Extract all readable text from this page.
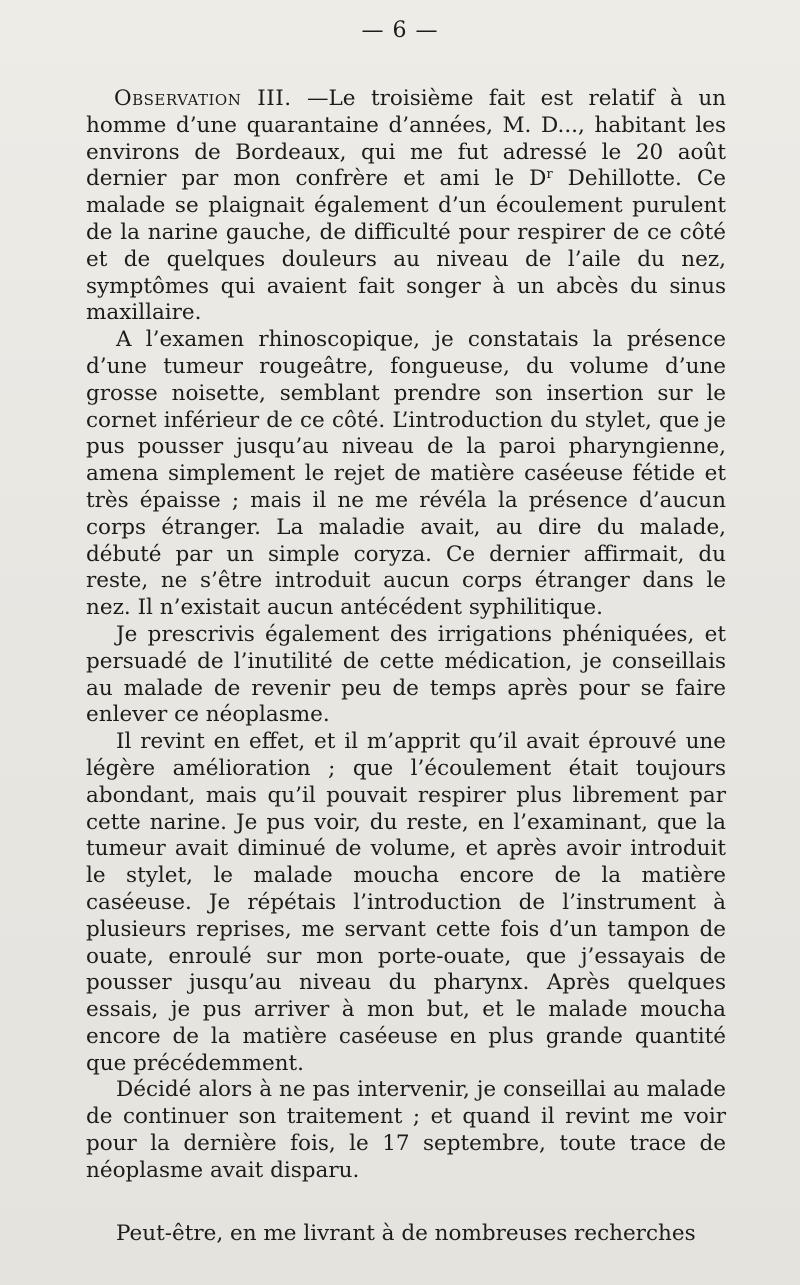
— 6 —

Observation III. —Le troisième fait est relatif à un homme d’une quarantaine d’années, M. D..., habitant les environs de Bordeaux, qui me fut adressé le 20 août dernier par mon confrère et ami le $D^r$ Dehillotte. Ce malade se plaignait également d’un écoulement purulent de la narine gauche, de difficulté pour respirer de ce côté et de quelques douleurs au niveau de l’aile du nez, symptômes qui avaient fait songer à un abcès du sinus maxillaire.

A l’examen rhinoscopique, je constatais la présence d’une tumeur rougeâtre, fongueuse, du volume d’une grosse noisette, semblant prendre son insertion sur le cornet inférieur de ce côté. L’introduction du stylet, que je pus pousser jusqu’au niveau de la paroi pharyngienne, amena simplement le rejet de matière caséeuse fétide et très épaisse ; mais il ne me révéla la présence d’aucun corps étranger. La maladie avait, au dire du malade, débuté par un simple coryza. Ce dernier affirmait, du reste, ne s’être introduit aucun corps étranger dans le nez. Il n’existait aucun antécédent syphilitique.

Je prescrivis également des irrigations phéniquées, et persuadé de l’inutilité de cette médication, je conseillais au malade de revenir peu de temps après pour se faire enlever ce néoplasme.

Il revint en effet, et il m’apprit qu’il avait éprouvé une légère amélioration ; que l’écoulement était toujours abondant, mais qu’il pouvait respirer plus librement par cette narine. Je pus voir, du reste, en l’examinant, que la tumeur avait diminué de volume, et après avoir introduit le stylet, le malade moucha encore de la matière caséeuse. Je répétais l’introduction de l’instrument à plusieurs reprises, me servant cette fois d’un tampon de ouate, enroulé sur mon porte-ouate, que j’essayais de pousser jusqu’au niveau du pharynx. Après quelques essais, je pus arriver à mon but, et le malade moucha encore de la matière caséeuse en plus grande quantité que précédemment.

Décidé alors à ne pas intervenir, je conseillai au malade de continuer son traitement ; et quand il revint me voir pour la dernière fois, le 17 septembre, toute trace de néoplasme avait disparu.

Peut-être, en me livrant à de nombreuses recherches
